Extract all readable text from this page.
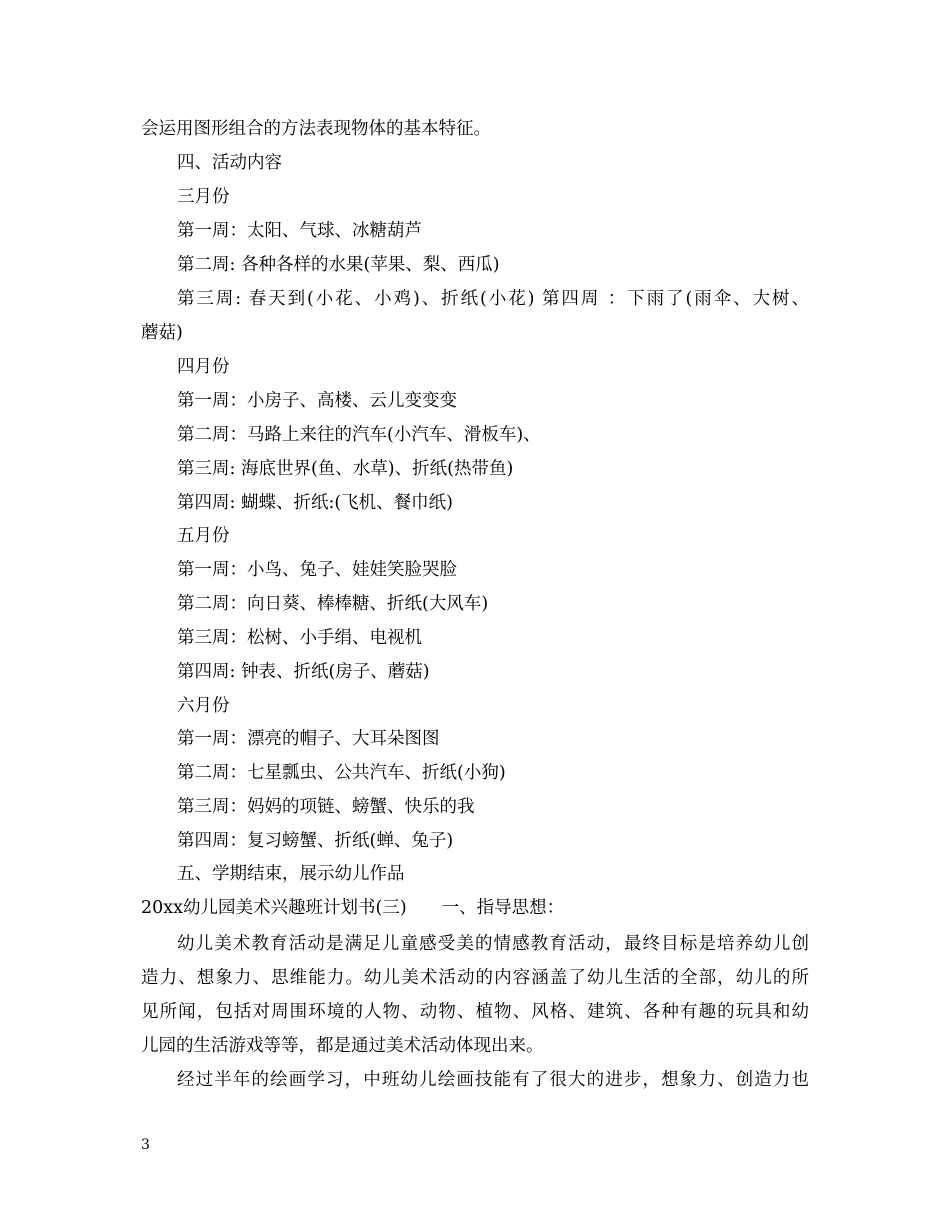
会运用图形组合的方法表现物体的基本特征。
四、活动内容
三月份
第一周：太阳、气球、冰糖葫芦
第二周: 各种各样的水果(苹果、梨、西瓜)
第三周: 春天到(小花、小鸡)、折纸(小花) 第四周 ：下雨了(雨伞、大树、
蘑菇)
四月份
第一周：小房子、高楼、云儿变变变
第二周：马路上来往的汽车(小汽车、滑板车)、
第三周: 海底世界(鱼、水草)、折纸(热带鱼)
第四周: 蝴蝶、折纸:(飞机、餐巾纸)
五月份
第一周：小鸟、兔子、娃娃笑脸哭脸
第二周：向日葵、棒棒糖、折纸(大风车)
第三周：松树、小手绢、电视机
第四周: 钟表、折纸(房子、蘑菇)
六月份
第一周：漂亮的帽子、大耳朵图图
第二周：七星瓢虫、公共汽车、折纸(小狗)
第三周：妈妈的项链、螃蟹、快乐的我
第四周：复习螃蟹、折纸(蝉、兔子)
五、学期结束，展示幼儿作品
20xx幼儿园美术兴趣班计划书(三)　　一、指导思想：
幼儿美术教育活动是满足儿童感受美的情感教育活动，最终目标是培养幼儿创
造力、想象力、思维能力。幼儿美术活动的内容涵盖了幼儿生活的全部，幼儿的所
见所闻，包括对周围环境的人物、动物、植物、风格、建筑、各种有趣的玩具和幼
儿园的生活游戏等等，都是通过美术活动体现出来。
经过半年的绘画学习，中班幼儿绘画技能有了很大的进步，想象力、创造力也
3
